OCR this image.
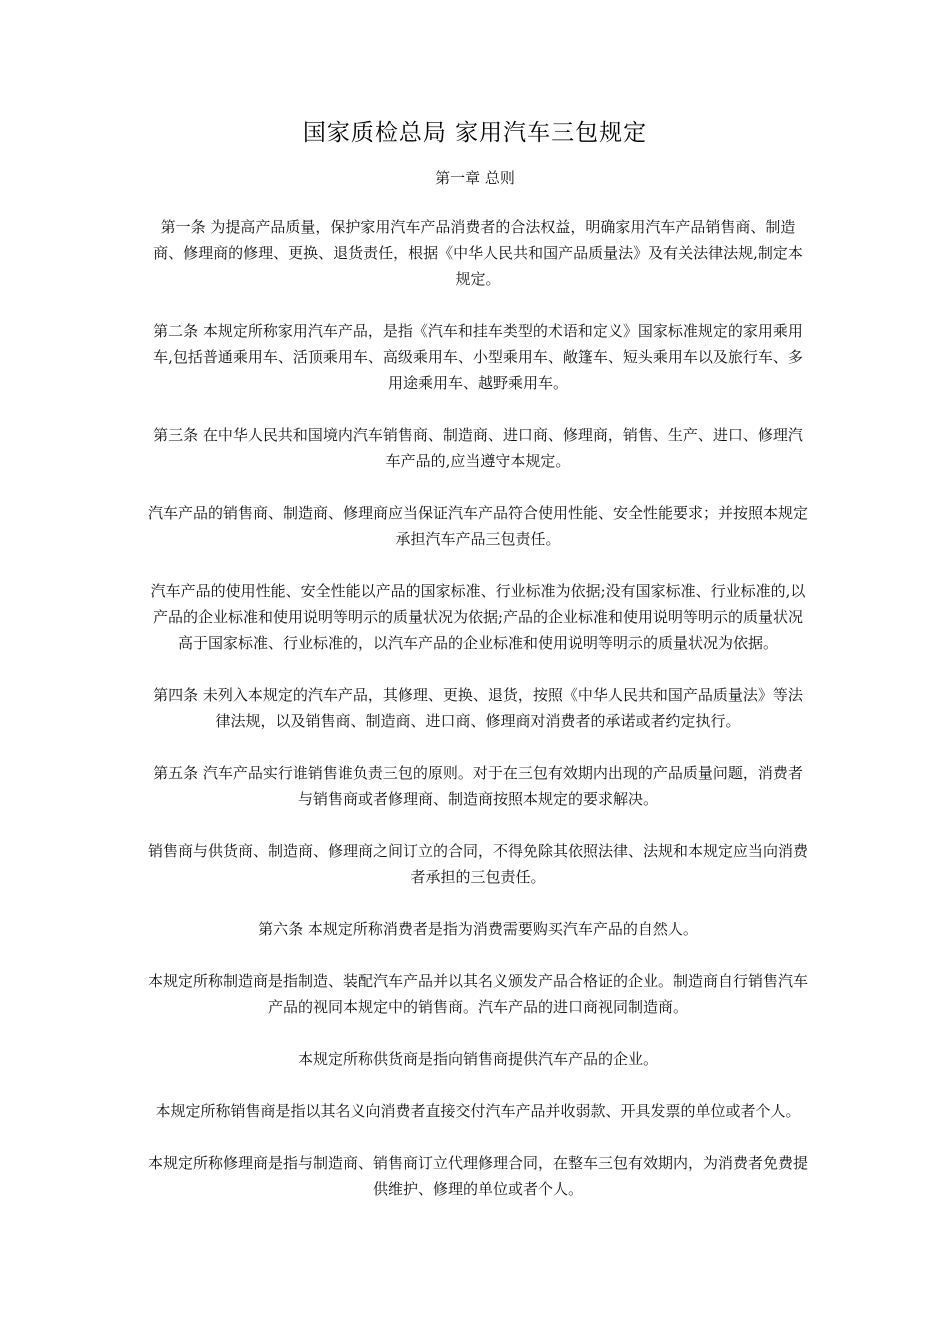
国家质检总局 家用汽车三包规定
第一章 总则

第一条 为提高产品质量，保护家用汽车产品消费者的合法权益，明确家用汽车产品销售商、制造商、修理商的修理、更换、退货责任，根据《中华人民共和国产品质量法》及有关法律法规,制定本规定。

第二条 本规定所称家用汽车产品，是指《汽车和挂车类型的术语和定义》国家标准规定的家用乘用车,包括普通乘用车、活顶乘用车、高级乘用车、小型乘用车、敞篷车、短头乘用车以及旅行车、多用途乘用车、越野乘用车。

第三条 在中华人民共和国境内汽车销售商、制造商、进口商、修理商，销售、生产、进口、修理汽车产品的,应当遵守本规定。

汽车产品的销售商、制造商、修理商应当保证汽车产品符合使用性能、安全性能要求；并按照本规定承担汽车产品三包责任。

汽车产品的使用性能、安全性能以产品的国家标准、行业标准为依据;没有国家标准、行业标准的,以产品的企业标准和使用说明等明示的质量状况为依据;产品的企业标准和使用说明等明示的质量状况高于国家标准、行业标准的，以汽车产品的企业标准和使用说明等明示的质量状况为依据。

第四条 未列入本规定的汽车产品，其修理、更换、退货，按照《中华人民共和国产品质量法》等法律法规，以及销售商、制造商、进口商、修理商对消费者的承诺或者约定执行。

第五条 汽车产品实行谁销售谁负责三包的原则。对于在三包有效期内出现的产品质量问题，消费者与销售商或者修理商、制造商按照本规定的要求解决。

销售商与供货商、制造商、修理商之间订立的合同，不得免除其依照法律、法规和本规定应当向消费者承担的三包责任。

第六条 本规定所称消费者是指为消费需要购买汽车产品的自然人。

本规定所称制造商是指制造、装配汽车产品并以其名义颁发产品合格证的企业。制造商自行销售汽车产品的视同本规定中的销售商。汽车产品的进口商视同制造商。

本规定所称供货商是指向销售商提供汽车产品的企业。

本规定所称销售商是指以其名义向消费者直接交付汽车产品并收弱款、开具发票的单位或者个人。

本规定所称修理商是指与制造商、销售商订立代理修理合同，在整车三包有效期内，为消费者免费提供维护、修理的单位或者个人。
